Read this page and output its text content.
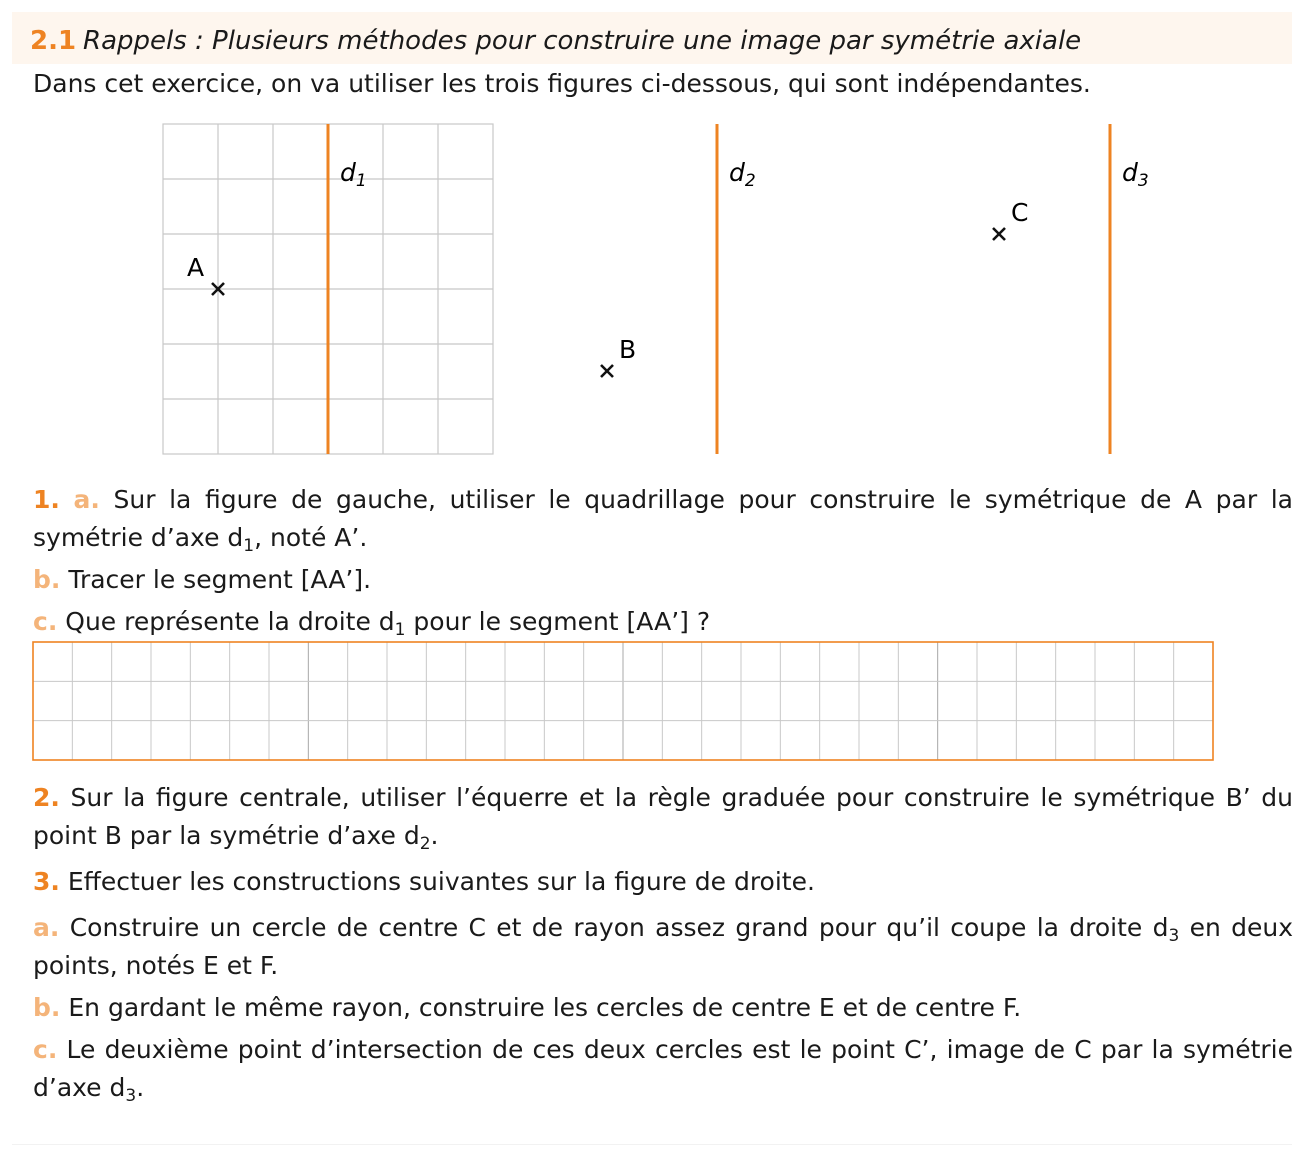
2.1 Rappels : Plusieurs méthodes pour construire une image par symétrie axiale
Dans cet exercice, on va utiliser les trois figures ci-dessous, qui sont indépendantes.
$d_1$
A
$d_2$
B
$d_3$
C
1. a. Sur la figure de gauche, utiliser le quadrillage pour construire le symétrique de A par la symétrie d’axe $d_1$, noté A’.
b. Tracer le segment [AA’].
c. Que représente la droite $d_1$ pour le segment [AA’] ?
2. Sur la figure centrale, utiliser l’équerre et la règle graduée pour construire le symétrique B’ du point B par la symétrie d’axe $d_2$.
3. Effectuer les constructions suivantes sur la figure de droite.
a. Construire un cercle de centre C et de rayon assez grand pour qu’il coupe la droite $d_3$ en deux points, notés E et F.
b. En gardant le même rayon, construire les cercles de centre E et de centre F.
c. Le deuxième point d’intersection de ces deux cercles est le point C’, image de C par la symétrie d’axe $d_3$.
